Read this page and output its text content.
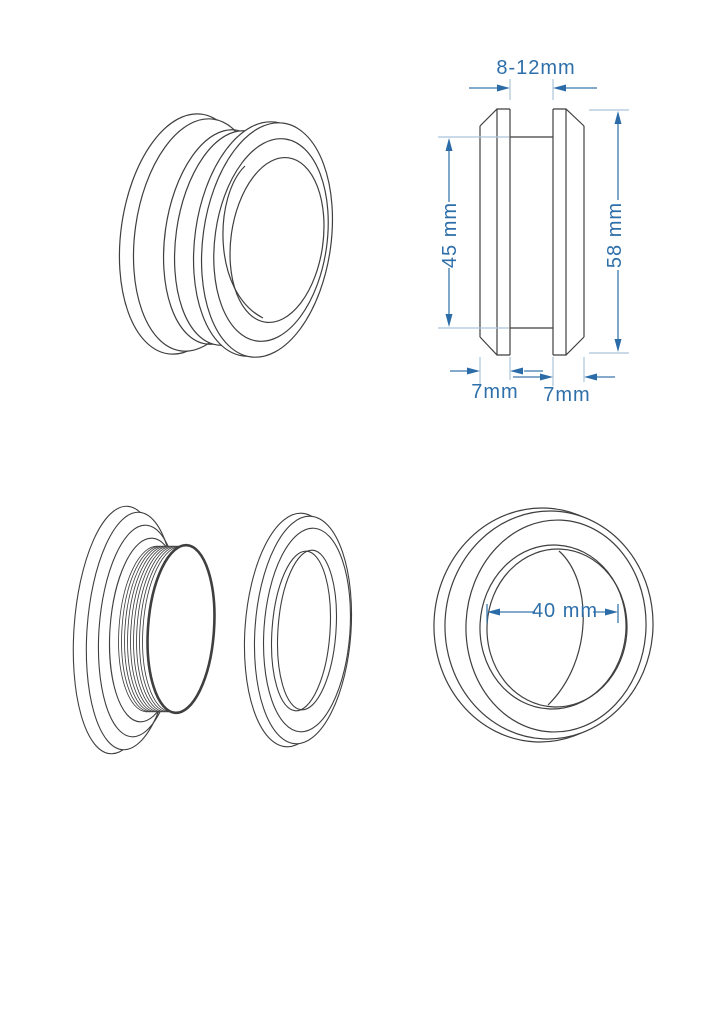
8-12mm
45 mm	58 mm
7mm 7mm
40 mm
